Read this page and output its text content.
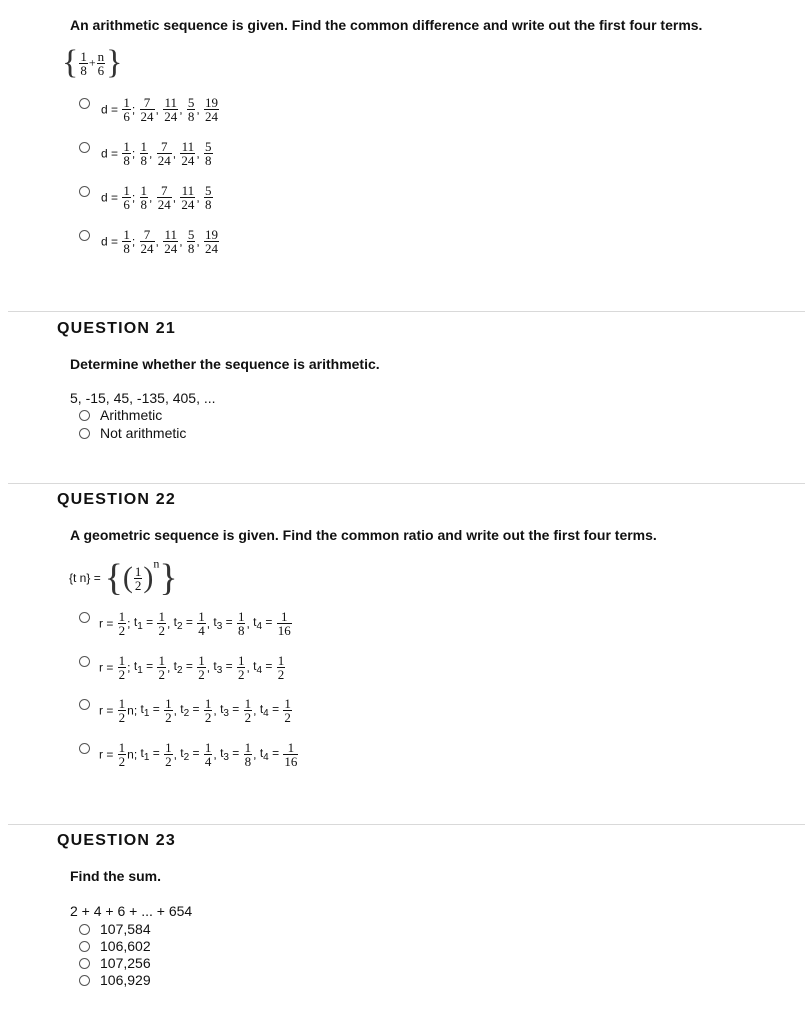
An arithmetic sequence is given. Find the common difference and write out the first four terms.
{ $\frac{1}{8} + \frac{n}{6}$ }
$d = \frac{1}{6}$ ; $\frac{7}{24}$ , $\frac{11}{24}$ , $\frac{5}{8}$ , $\frac{19}{24}$
$d = \frac{1}{8}$ ; $\frac{1}{8}$ , $\frac{7}{24}$ , $\frac{11}{24}$ , $\frac{5}{8}$
$d = \frac{1}{6}$ ; $\frac{1}{8}$ , $\frac{7}{24}$ , $\frac{11}{24}$ , $\frac{5}{8}$
$d = \frac{1}{8}$ ; $\frac{7}{24}$ , $\frac{11}{24}$ , $\frac{5}{8}$ , $\frac{19}{24}$
QUESTION 21
Determine whether the sequence is arithmetic.
5, -15, 45, -135, 405, ...
Arithmetic
Not arithmetic
QUESTION 22
A geometric sequence is given. Find the common ratio and write out the first four terms.
{t n} = {( $\frac{1}{2} )n$}
$r = \frac{1}{2}$ ; $t_1 = \frac{1}{2}$ , $t_2 = \frac{1}{4}$ , $t_3 = \frac{1}{8}$ , $t_4 = \frac{1}{16}$
$r = \frac{1}{2}$ ; $t_1 = \frac{1}{2}$ , $t_2 = \frac{1}{2}$ , $t_3 = \frac{1}{2}$ , $t_4 = \frac{1}{2}$
$r = \frac{1}{2} n$; $t_1 = \frac{1}{2}$ , $t_2 = \frac{1}{2}$ , $t_3 = \frac{1}{2}$ , $t_4 = \frac{1}{2}$
$r = \frac{1}{2} n$; $t_1 = \frac{1}{2}$ , $t_2 = \frac{1}{4}$ , $t_3 = \frac{1}{8}$ , $t_4 = \frac{1}{16}$
QUESTION 23
Find the sum.
2 + 4 + 6 + ... + 654
107,584
106,602
107,256
106,929
